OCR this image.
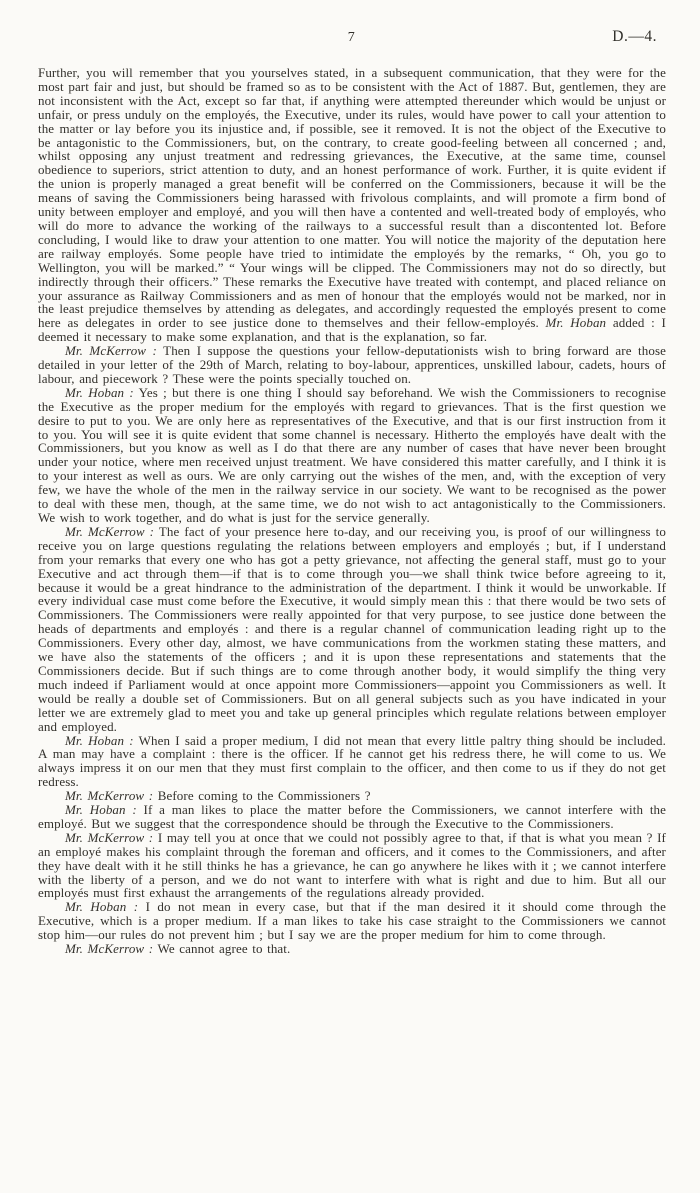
7	D.—4.

Further, you will remember that you yourselves stated, in a subsequent communication, that they were for the most part fair and just, but should be framed so as to be consistent with the Act of 1887. But, gentlemen, they are not inconsistent with the Act, except so far that, if anything were attempted thereunder which would be unjust or unfair, or press unduly on the employés, the Executive, under its rules, would have power to call your attention to the matter or lay before you its injustice and, if possible, see it removed. It is not the object of the Executive to be antagonistic to the Commissioners, but, on the contrary, to create good-feeling between all concerned ; and, whilst opposing any unjust treatment and redressing grievances, the Executive, at the same time, counsel obedience to superiors, strict attention to duty, and an honest performance of work. Further, it is quite evident if the union is properly managed a great benefit will be conferred on the Commissioners, because it will be the means of saving the Commissioners being harassed with frivolous complaints, and will promote a firm bond of unity between employer and employé, and you will then have a contented and well-treated body of employés, who will do more to advance the working of the railways to a successful result than a discontented lot. Before concluding, I would like to draw your attention to one matter. You will notice the majority of the deputation here are railway employés. Some people have tried to intimidate the employés by the remarks, “ Oh, you go to Wellington, you will be marked.” “ Your wings will be clipped. The Commissioners may not do so directly, but indirectly through their officers.” These remarks the Executive have treated with contempt, and placed reliance on your assurance as Railway Commissioners and as men of honour that the employés would not be marked, nor in the least prejudice themselves by attending as delegates, and accordingly requested the employés present to come here as delegates in order to see justice done to themselves and their fellow-employés. Mr. Hoban added : I deemed it necessary to make some explanation, and that is the explanation, so far.

Mr. McKerrow : Then I suppose the questions your fellow-deputationists wish to bring forward are those detailed in your letter of the 29th of March, relating to boy-labour, apprentices, unskilled labour, cadets, hours of labour, and piecework ? These were the points specially touched on.

Mr. Hoban : Yes ; but there is one thing I should say beforehand. We wish the Commissioners to recognise the Executive as the proper medium for the employés with regard to grievances. That is the first question we desire to put to you. We are only here as representatives of the Executive, and that is our first instruction from it to you. You will see it is quite evident that some channel is necessary. Hitherto the employés have dealt with the Commissioners, but you know as well as I do that there are any number of cases that have never been brought under your notice, where men received unjust treatment. We have considered this matter carefully, and I think it is to your interest as well as ours. We are only carrying out the wishes of the men, and, with the exception of very few, we have the whole of the men in the railway service in our society. We want to be recognised as the power to deal with these men, though, at the same time, we do not wish to act antagonistically to the Commissioners. We wish to work together, and do what is just for the service generally.

Mr. McKerrow : The fact of your presence here to-day, and our receiving you, is proof of our willingness to receive you on large questions regulating the relations between employers and employés ; but, if I understand from your remarks that every one who has got a petty grievance, not affecting the general staff, must go to your Executive and act through them—if that is to come through you—we shall think twice before agreeing to it, because it would be a great hindrance to the administration of the department. I think it would be unworkable. If every individual case must come before the Executive, it would simply mean this : that there would be two sets of Commissioners. The Commissioners were really appointed for that very purpose, to see justice done between the heads of departments and employés : and there is a regular channel of communication leading right up to the Commissioners. Every other day, almost, we have communications from the workmen stating these matters, and we have also the statements of the officers ; and it is upon these representations and statements that the Commissioners decide. But if such things are to come through another body, it would simplify the thing very much indeed if Parliament would at once appoint more Commissioners—appoint you Commissioners as well. It would be really a double set of Commissioners. But on all general subjects such as you have indicated in your letter we are extremely glad to meet you and take up general principles which regulate relations between employer and employed.

Mr. Hoban : When I said a proper medium, I did not mean that every little paltry thing should be included. A man may have a complaint : there is the officer. If he cannot get his redress there, he will come to us. We always impress it on our men that they must first complain to the officer, and then come to us if they do not get redress.

Mr. McKerrow : Before coming to the Commissioners ?

Mr. Hoban : If a man likes to place the matter before the Commissioners, we cannot interfere with the employé. But we suggest that the correspondence should be through the Executive to the Commissioners.

Mr. McKerrow : I may tell you at once that we could not possibly agree to that, if that is what you mean ? If an employé makes his complaint through the foreman and officers, and it comes to the Commissioners, and after they have dealt with it he still thinks he has a grievance, he can go anywhere he likes with it ; we cannot interfere with the liberty of a person, and we do not want to interfere with what is right and due to him. But all our employés must first exhaust the arrangements of the regulations already provided.

Mr. Hoban : I do not mean in every case, but that if the man desired it it should come through the Executive, which is a proper medium. If a man likes to take his case straight to the Commissioners we cannot stop him—our rules do not prevent him ; but I say we are the proper medium for him to come through.

Mr. McKerrow : We cannot agree to that.
